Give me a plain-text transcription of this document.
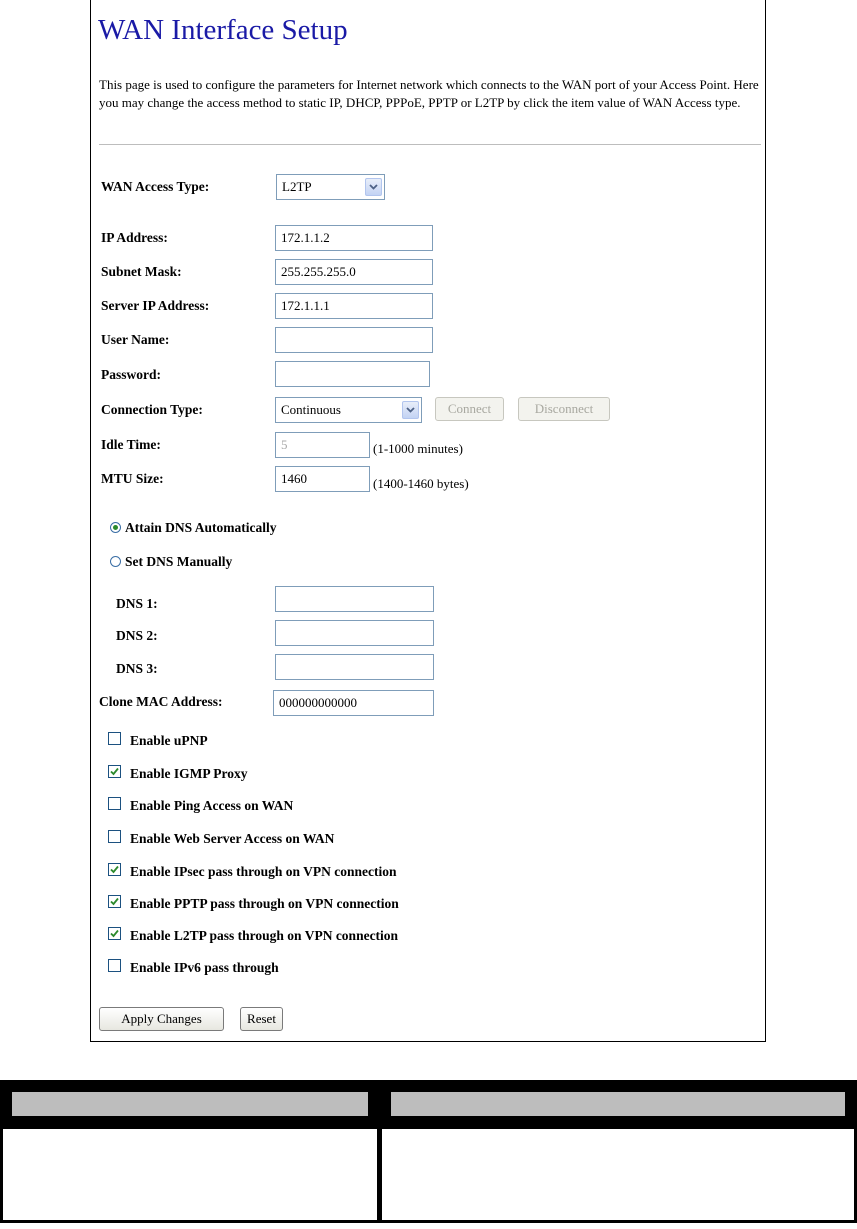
WAN Interface Setup
This page is used to configure the parameters for Internet network which connects to the WAN port of your Access Point. Here you may change the access method to static IP, DHCP, PPPoE, PPTP or L2TP by click the item value of WAN Access type.
WAN Access Type:	L2TP
IP Address:	172.1.1.2
Subnet Mask:	255.255.255.0
Server IP Address:	172.1.1.1
User Name:
Password:
Connection Type:	Continuous	Connect	Disconnect
Idle Time:	5	(1-1000 minutes)
MTU Size:	1460	(1400-1460 bytes)
Attain DNS Automatically
Set DNS Manually
DNS 1:
DNS 2:
DNS 3:
Clone MAC Address:	000000000000
Enable uPNP
Enable IGMP Proxy
Enable Ping Access on WAN
Enable Web Server Access on WAN
Enable IPsec pass through on VPN connection
Enable PPTP pass through on VPN connection
Enable L2TP pass through on VPN connection
Enable IPv6 pass through
Apply Changes	Reset
